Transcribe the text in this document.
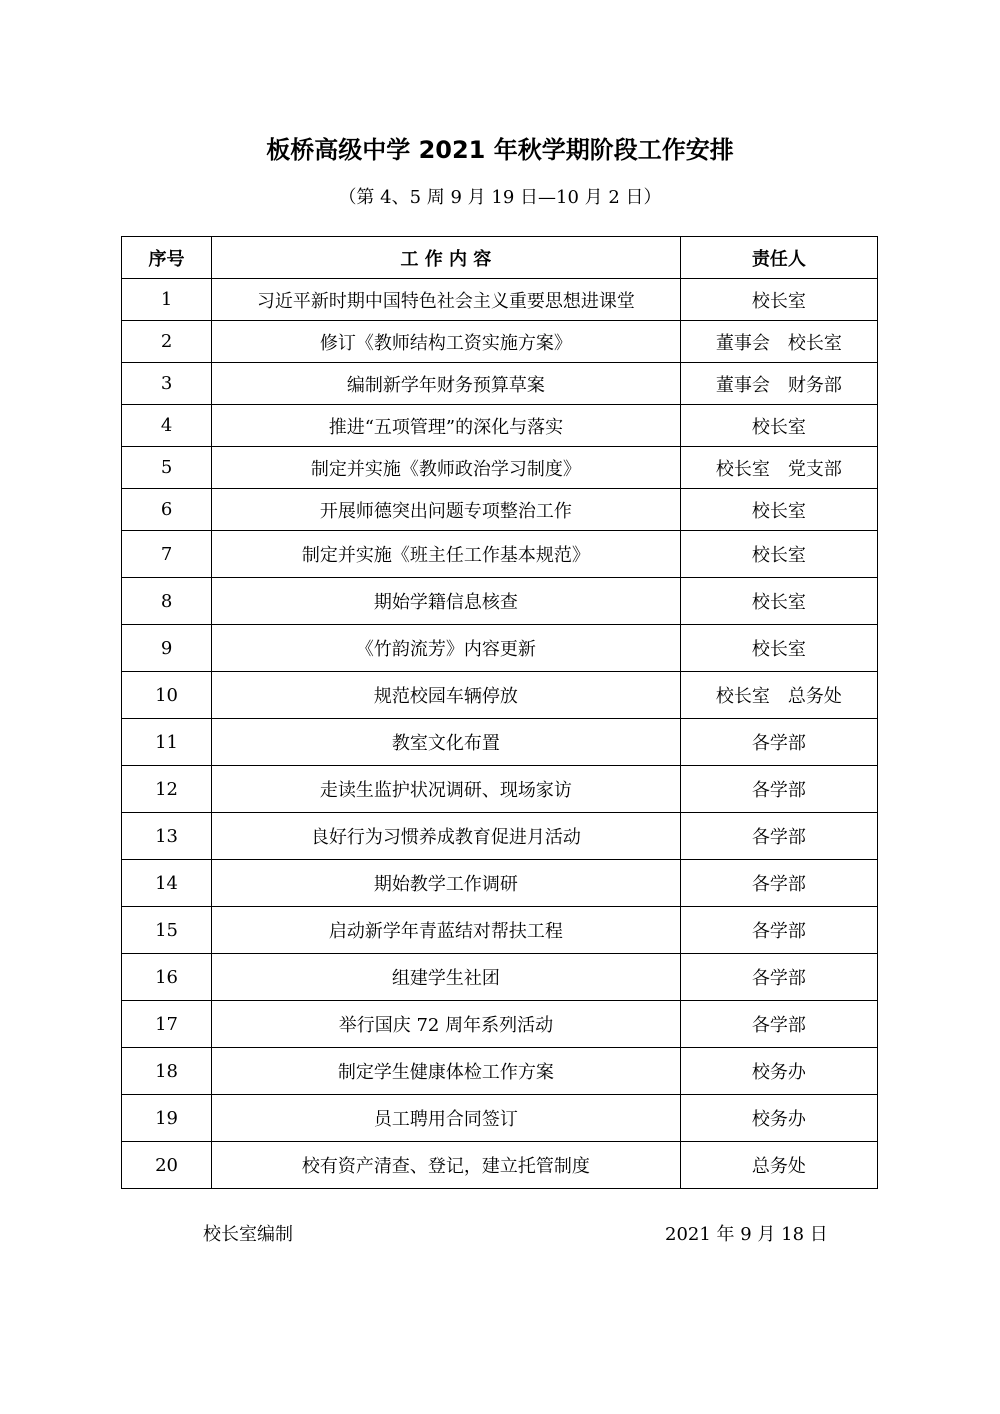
板桥高级中学 2021 年秋学期阶段工作安排
（第 4、5 周 9 月 19 日—10 月 2 日）
序号	工 作 内 容	责任人
1	习近平新时期中国特色社会主义重要思想进课堂	校长室
2	修订《教师结构工资实施方案》	董事会　校长室
3	编制新学年财务预算草案	董事会　财务部
4	推进“五项管理”的深化与落实	校长室
5	制定并实施《教师政治学习制度》	校长室　党支部
6	开展师德突出问题专项整治工作	校长室
7	制定并实施《班主任工作基本规范》	校长室
8	期始学籍信息核查	校长室
9	《竹韵流芳》内容更新	校长室
10	规范校园车辆停放	校长室　总务处
11	教室文化布置	各学部
12	走读生监护状况调研、现场家访	各学部
13	良好行为习惯养成教育促进月活动	各学部
14	期始教学工作调研	各学部
15	启动新学年青蓝结对帮扶工程	各学部
16	组建学生社团	各学部
17	举行国庆 72 周年系列活动	各学部
18	制定学生健康体检工作方案	校务办
19	员工聘用合同签订	校务办
20	校有资产清查、登记，建立托管制度	总务处
校长室编制	2021 年 9 月 18 日
